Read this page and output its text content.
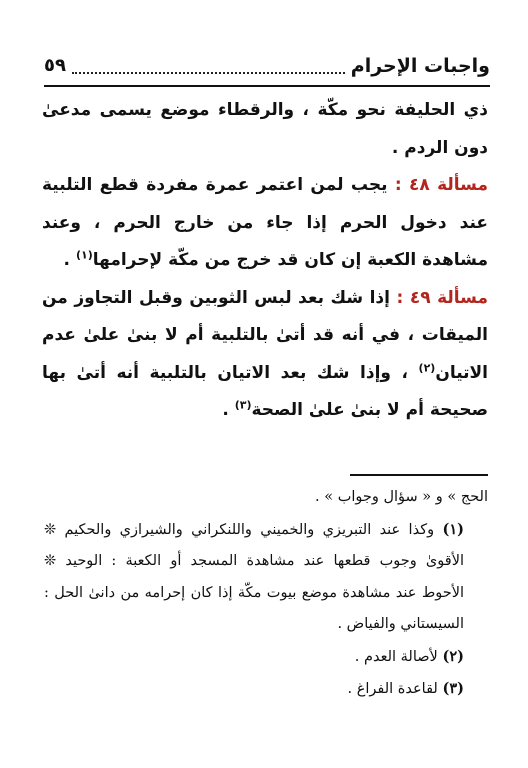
واجبات الإحرام
٥٩

ذي الحليفة نحو مكّة ، والرقطاء موضع يسمى مدعىٰ دون الردم .

مسألة ٤٨ : يجب لمن اعتمر عمرة مفردة قطع التلبية عند دخول الحرم إذا جاء من خارج الحرم ، وعند مشاهدة الكعبة إن كان قد خرج من مكّة لإحرامها$^{(١)}$ .

مسألة ٤٩ : إذا شك بعد لبس الثوبين وقبل التجاوز من الميقات ، في أنه قد أتىٰ بالتلبية أم لا بنىٰ علىٰ عدم الاتيان$^{(٢)}$ ، وإذا شك بعد الاتيان بالتلبية أنه أتىٰ بها صحيحة أم لا بنىٰ علىٰ الصحة$^{(٣)}$ .

الحج » و « سؤال وجواب » .

(١) وكذا عند التبريزي والخميني واللنكراني والشيرازي والحكيم ❊ الأقوىٰ وجوب قطعها عند مشاهدة المسجد أو الكعبة : الوحيد ❊ الأحوط عند مشاهدة موضع بيوت مكّة إذا كان إحرامه من دانىٰ الحل : السيستاني والفياض .

(٢) لأصالة العدم .

(٣) لقاعدة الفراغ .
